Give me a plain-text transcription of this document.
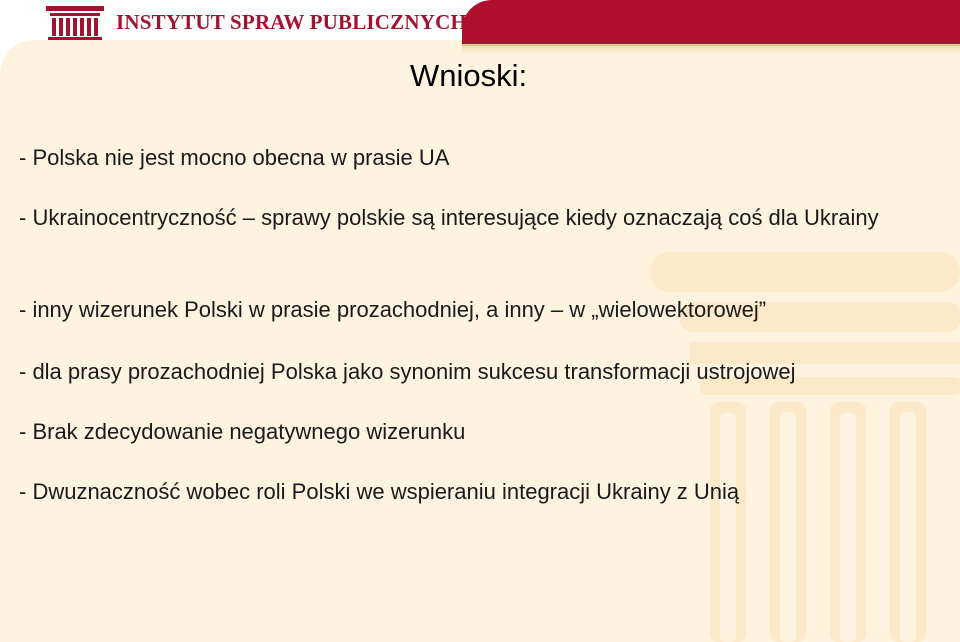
INSTYTUT SPRAW PUBLICZNYCH
Wnioski:
- Polska nie jest mocno obecna w prasie UA
- Ukrainocentryczność – sprawy polskie są interesujące kiedy oznaczają coś dla Ukrainy
- inny wizerunek Polski w prasie prozachodniej, a inny – w „wielowektorowej”
- dla prasy prozachodniej Polska jako synonim sukcesu transformacji ustrojowej
- Brak zdecydowanie negatywnego wizerunku
- Dwuznaczność wobec roli Polski we wspieraniu integracji Ukrainy z Unią
